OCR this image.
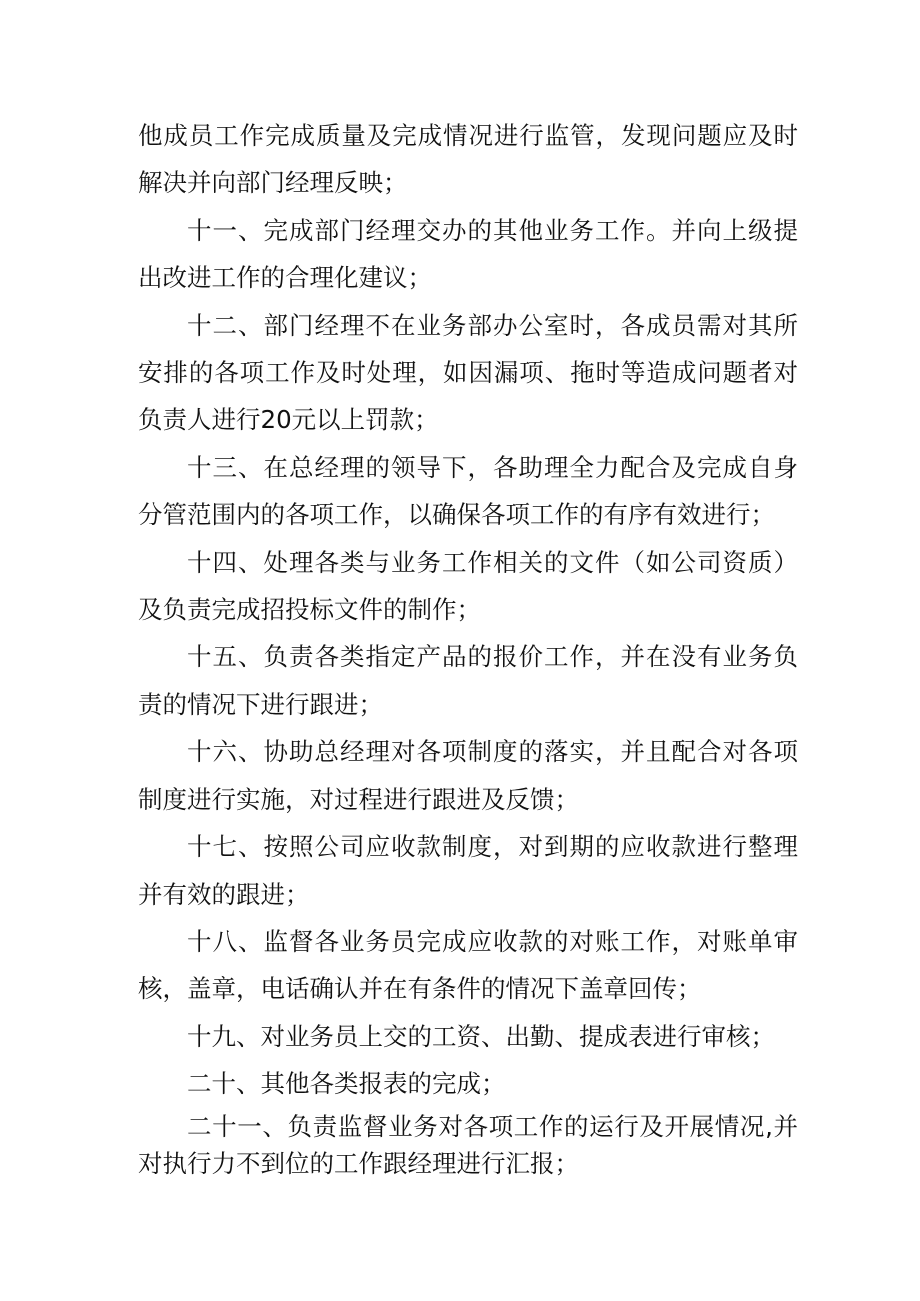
他成员工作完成质量及完成情况进行监管，发现问题应及时解决并向部门经理反映；

十一、完成部门经理交办的其他业务工作。并向上级提出改进工作的合理化建议；

十二、部门经理不在业务部办公室时，各成员需对其所安排的各项工作及时处理，如因漏项、拖时等造成问题者对负责人进行20元以上罚款；

十三、在总经理的领导下，各助理全力配合及完成自身分管范围内的各项工作，以确保各项工作的有序有效进行；

十四、处理各类与业务工作相关的文件（如公司资质）及负责完成招投标文件的制作；

十五、负责各类指定产品的报价工作，并在没有业务负责的情况下进行跟进；

十六、协助总经理对各项制度的落实，并且配合对各项制度进行实施，对过程进行跟进及反馈；

十七、按照公司应收款制度，对到期的应收款进行整理并有效的跟进；

十八、监督各业务员完成应收款的对账工作，对账单审核，盖章，电话确认并在有条件的情况下盖章回传；

十九、对业务员上交的工资、出勤、提成表进行审核；

二十、其他各类报表的完成；

二十一、负责监督业务对各项工作的运行及开展情况,并对执行力不到位的工作跟经理进行汇报；
